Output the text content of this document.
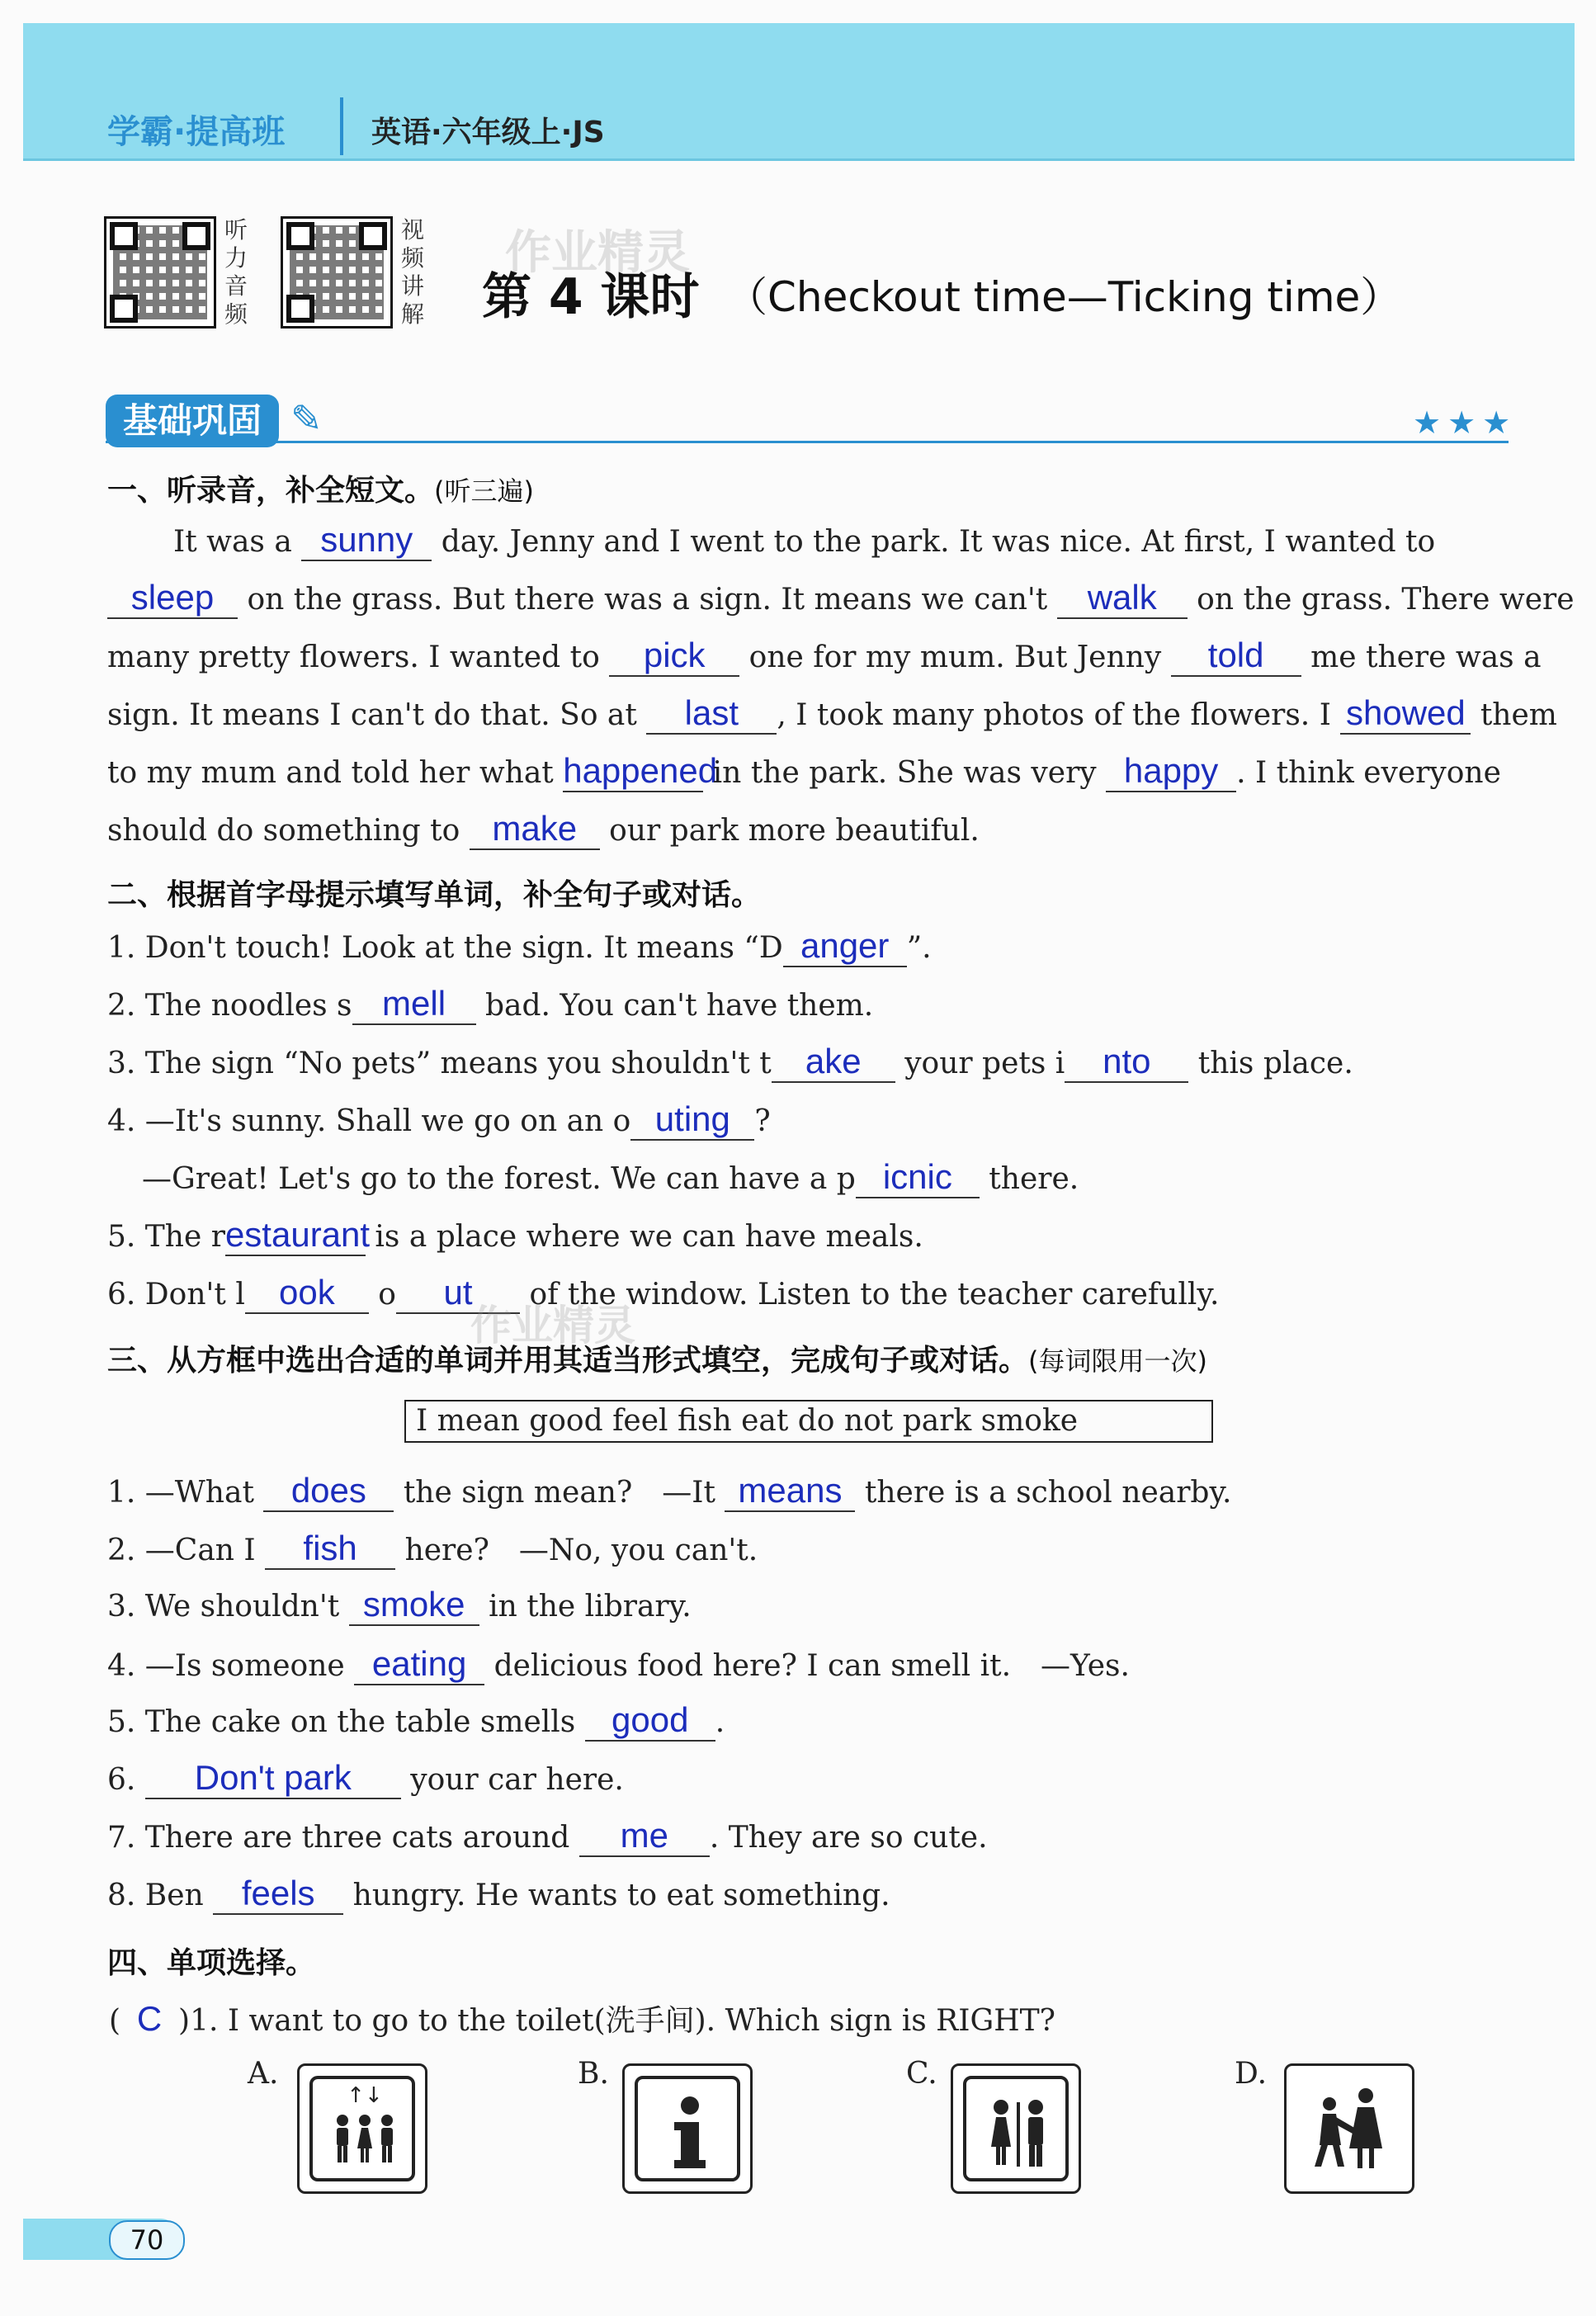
学霸·提高班	英语·六年级上·JS
听力音频
视频讲解 第 4 课时 （Checkout time—Ticking time）
作业精灵
基础巩固 ✎	★★★
一、听录音，补全短文。(听三遍)
It was a sunny day. Jenny and I went to the park. It was nice. At first, I wanted to
sleep on the grass. But there was a sign. It means we can't walk on the grass. There were
many pretty flowers. I wanted to pick one for my mum. But Jenny told me there was a
sign. It means I can't do that. So at last , I took many photos of the flowers. I showed them
to my mum and told her what happened in the park. She was very happy . I think everyone
should do something to make our park more beautiful.
二、根据首字母提示填写单词，补全句子或对话。
1. Don't touch! Look at the sign. It means “D anger ”.
2. The noodles s mell bad. You can't have them.
3. The sign “No pets” means you shouldn't t ake your pets i nto this place.
4. —It's sunny. Shall we go on an o uting ?
—Great! Let's go to the forest. We can have a p icnic there.
5. The restaurant is a place where we can have meals.
6. Don't l ook o ut of the window. Listen to the teacher carefully.
作业精灵
三、从方框中选出合适的单词并用其适当形式填空，完成句子或对话。(每词限用一次)
I mean good feel fish eat do not park smoke
1. —What does the sign mean?　—It means there is a school nearby.
2. —Can I fish here?　—No, you can't.
3. We shouldn't smoke in the library.
4. —Is someone eating delicious food here? I can smell it.　—Yes.
5. The cake on the table smells good .
6. Don't park your car here.
7. There are three cats around me . They are so cute.
8. Ben feels hungry. He wants to eat something.
四、单项选择。
( C )1. I want to go to the toilet(洗手间). Which sign is RIGHT?
A.
↑↓
B.	C.	D.
70
